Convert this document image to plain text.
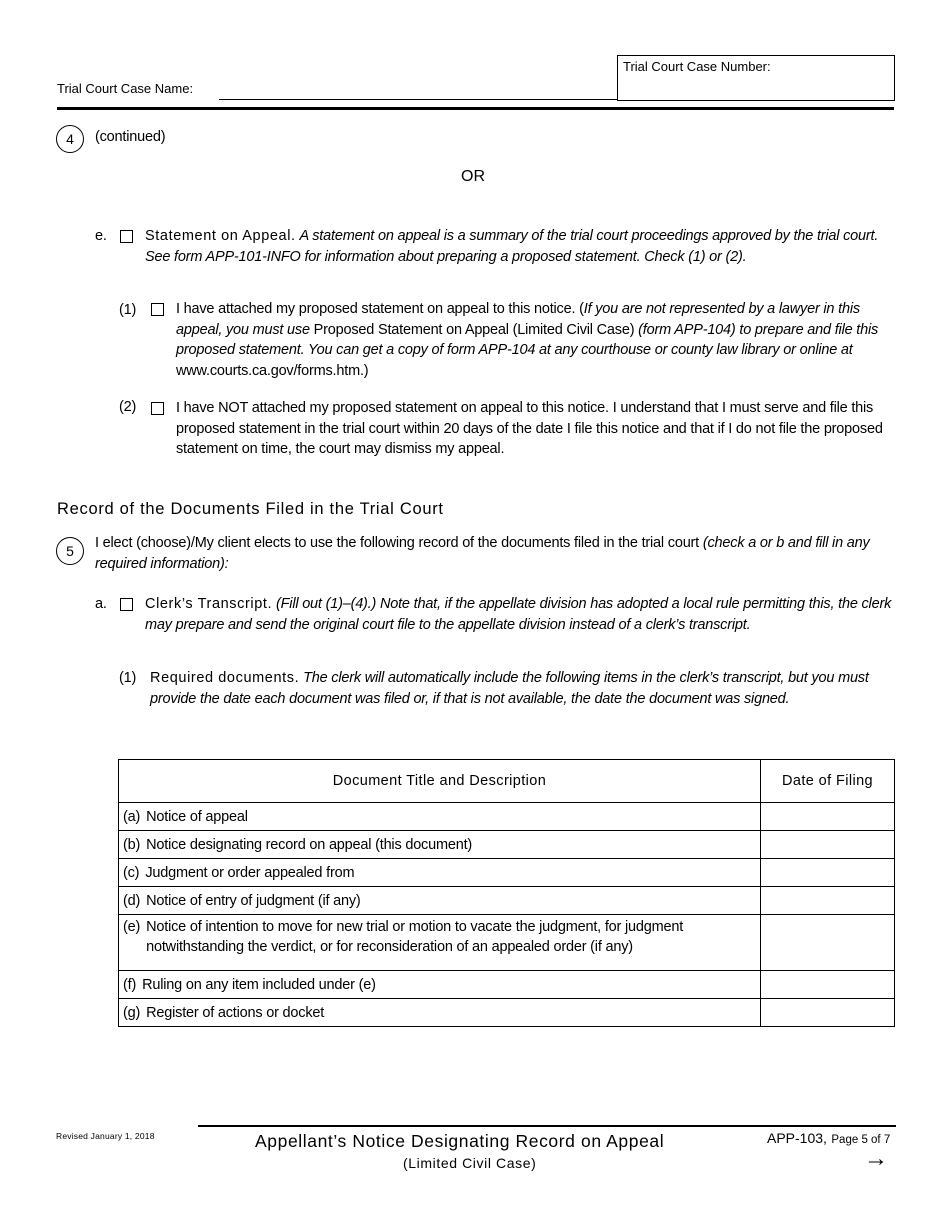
Trial Court Case Number:
Trial Court Case Name:
4	(continued)
OR
e.	Statement on Appeal. A statement on appeal is a summary of the trial court proceedings approved by the trial court. See form APP-101-INFO for information about preparing a proposed statement. Check (1) or (2).
(1)	I have attached my proposed statement on appeal to this notice. (If you are not represented by a lawyer in this appeal, you must use Proposed Statement on Appeal (Limited Civil Case) (form APP-104) to prepare and file this proposed statement. You can get a copy of form APP-104 at any courthouse or county law library or online at www.courts.ca.gov/forms.htm.)
(2)	I have NOT attached my proposed statement on appeal to this notice. I understand that I must serve and file this proposed statement in the trial court within 20 days of the date I file this notice and that if I do not file the proposed statement on time, the court may dismiss my appeal.
Record of the Documents Filed in the Trial Court
5	I elect (choose)/My client elects to use the following record of the documents filed in the trial court (check a or b and fill in any required information):
a.	Clerk’s Transcript. (Fill out (1)–(4).) Note that, if the appellate division has adopted a local rule permitting this, the clerk may prepare and send the original court file to the appellate division instead of a clerk’s transcript.
(1) Required documents. The clerk will automatically include the following items in the clerk’s transcript, but you must provide the date each document was filed or, if that is not available, the date the document was signed.
Document Title and Description	Date of Filing

(a) Notice of appeal	

(b) Notice designating record on appeal (this document)	

(c) Judgment or order appealed from	

(d) Notice of entry of judgment (if any)	

(e) Notice of intention to move for new trial or motion to vacate the judgment, for judgment notwithstanding the verdict, or for reconsideration of an appealed order (if any)	

(f) Ruling on any item included under (e)	

(g) Register of actions or docket	

Revised January 1, 2018	Appellant’s Notice Designating Record on Appeal
(Limited Civil Case)
APP-103, Page 5 of 7
→
